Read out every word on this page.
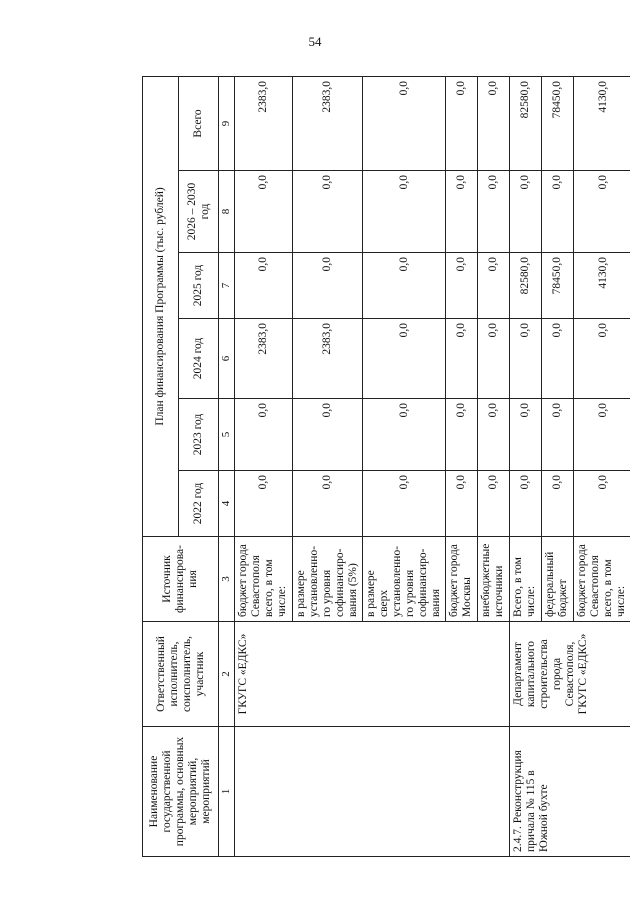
54
Наименование государственной программы, основных мероприятий, мероприятий	Ответственный исполнитель, соисполнитель, участник	Источник финансирова-ния	План финансирования Программы (тыс. рублей)					
			2022 год	2023 год	2024 год	2025 год	2026 – 2030 год	Всего
1	2	3	4	5	6	7	8	9
	ГКУГС «ЕДКС»	бюджет города Севастополя всего, в том числе:	0,0	0,0	2383,0	0,0	0,0	2383,0
		в размере установленно-го уровня софинансиро-вания (5%)	0,0	0,0	2383,0	0,0	0,0	2383,0
		в размере сверх установленно-го уровня софинансиро-вания	0,0	0,0	0,0	0,0	0,0	0,0
		бюджет города Москвы	0,0	0,0	0,0	0,0	0,0	0,0
		внебюджетные источники	0,0	0,0	0,0	0,0	0,0	0,0
2.4.7. Реконструкция причала № 115 в Южной бухте	Департамент капитального строительства города Севастополя, ГКУГС «ЕДКС»	Всего, в том числе:	0,0	0,0	0,0	82580,0	0,0	82580,0
		федеральный бюджет	0,0	0,0	0,0	78450,0	0,0	78450,0
		бюджет города Севастополя всего, в том числе:	0,0	0,0	0,0	4130,0	0,0	4130,0
